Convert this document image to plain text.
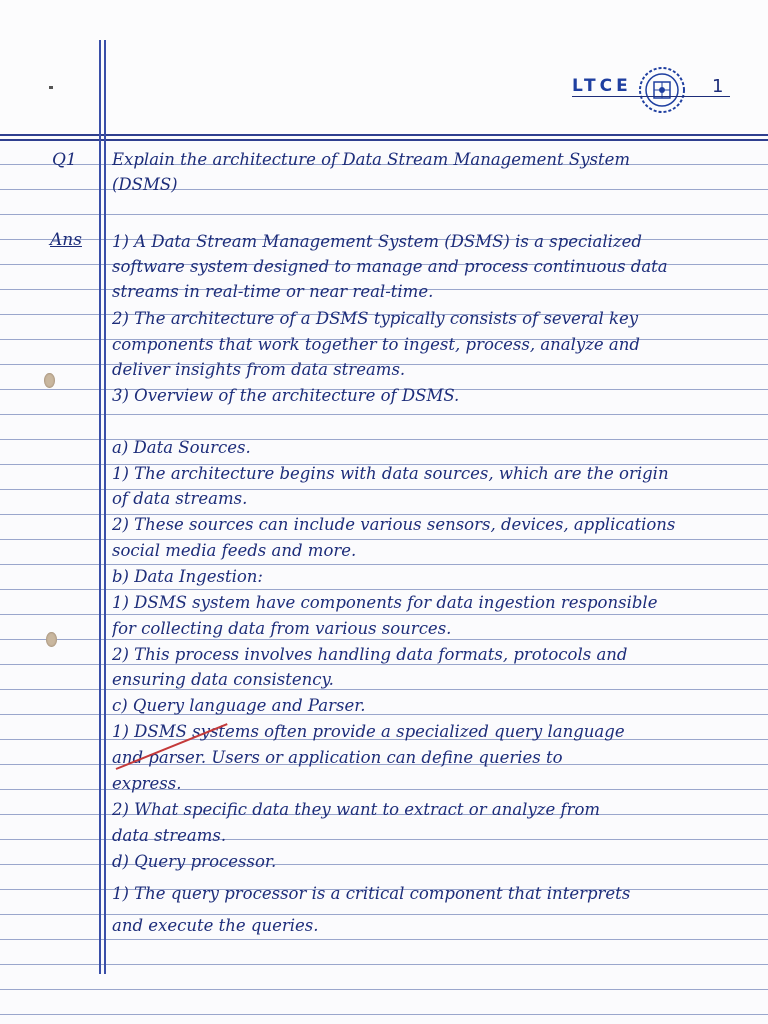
LTCE	1
Q1
Ans
Explain the architecture of Data Stream Management System
(DSMS)
1) A Data Stream Management System (DSMS) is a specialized
software system designed to manage and process continuous data
streams in real-time or near real-time.
2) The architecture of a DSMS typically consists of several key
components that work together to ingest, process, analyze and
deliver insights from data streams.
3) Overview of the architecture of DSMS.
a) Data Sources.
1) The architecture begins with data sources, which are the origin
of data streams.
2) These sources can include various sensors, devices, applications
social media feeds and more.
b) Data Ingestion:
1) DSMS system have components for data ingestion responsible
for collecting data from various sources.
2) This process involves handling data formats, protocols and
ensuring data consistency.
c) Query language and Parser.
1) DSMS systems often provide a specialized query language
and parser. Users or application can define queries to
express.
2) What specific data they want to extract or analyze from
data streams.
d) Query processor.
1) The query processor is a critical component that interprets
and execute the queries.
